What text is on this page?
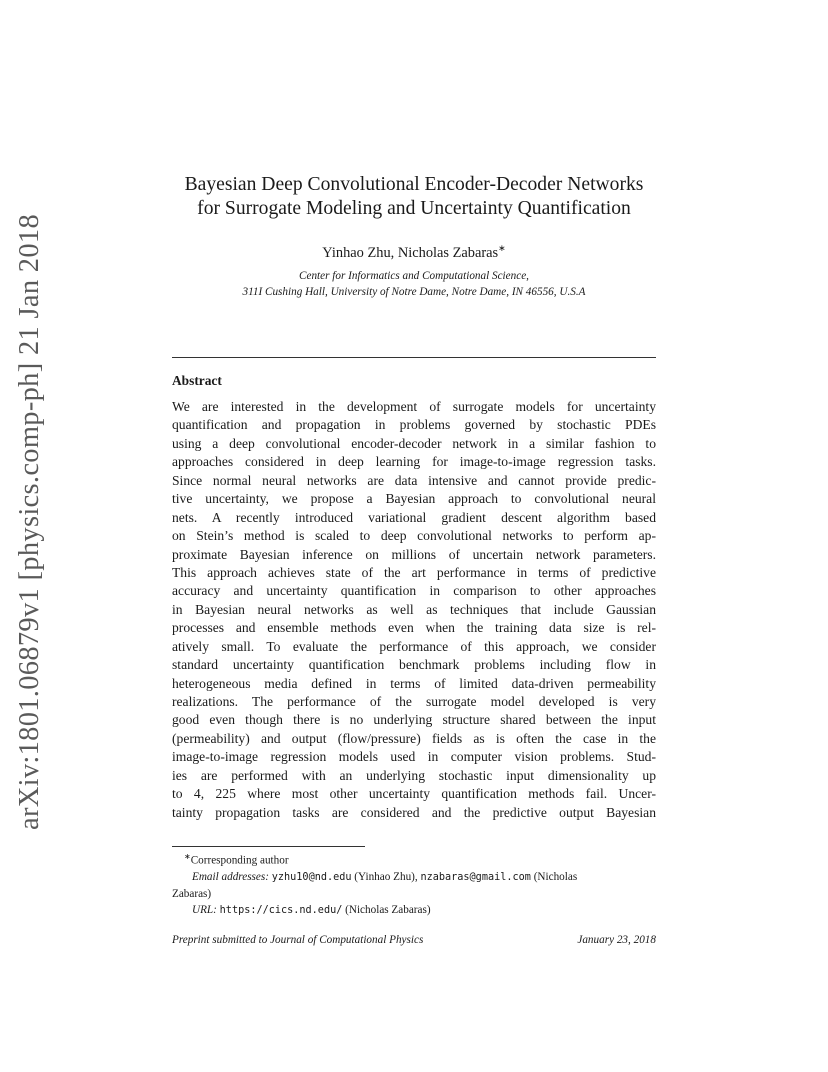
arXiv:1801.06879v1 [physics.comp-ph] 21 Jan 2018
Bayesian Deep Convolutional Encoder-Decoder Networks
for Surrogate Modeling and Uncertainty Quantification
Yinhao Zhu, Nicholas Zabaras∗
Center for Informatics and Computational Science,
311I Cushing Hall, University of Notre Dame, Notre Dame, IN 46556, U.S.A
Abstract
We are interested in the development of surrogate models for uncertainty
quantification and propagation in problems governed by stochastic PDEs
using a deep convolutional encoder-decoder network in a similar fashion to
approaches considered in deep learning for image-to-image regression tasks.
Since normal neural networks are data intensive and cannot provide predic-
tive uncertainty, we propose a Bayesian approach to convolutional neural
nets. A recently introduced variational gradient descent algorithm based
on Stein’s method is scaled to deep convolutional networks to perform ap-
proximate Bayesian inference on millions of uncertain network parameters.
This approach achieves state of the art performance in terms of predictive
accuracy and uncertainty quantification in comparison to other approaches
in Bayesian neural networks as well as techniques that include Gaussian
processes and ensemble methods even when the training data size is rel-
atively small. To evaluate the performance of this approach, we consider
standard uncertainty quantification benchmark problems including flow in
heterogeneous media defined in terms of limited data-driven permeability
realizations. The performance of the surrogate model developed is very
good even though there is no underlying structure shared between the input
(permeability) and output (flow/pressure) fields as is often the case in the
image-to-image regression models used in computer vision problems. Stud-
ies are performed with an underlying stochastic input dimensionality up
to 4, 225 where most other uncertainty quantification methods fail. Uncer-
tainty propagation tasks are considered and the predictive output Bayesian
∗Corresponding author
Email addresses: yzhu10@nd.edu (Yinhao Zhu), nzabaras@gmail.com (Nicholas
Zabaras)
URL: https://cics.nd.edu/ (Nicholas Zabaras)
Preprint submitted to Journal of Computational Physics	January 23, 2018
